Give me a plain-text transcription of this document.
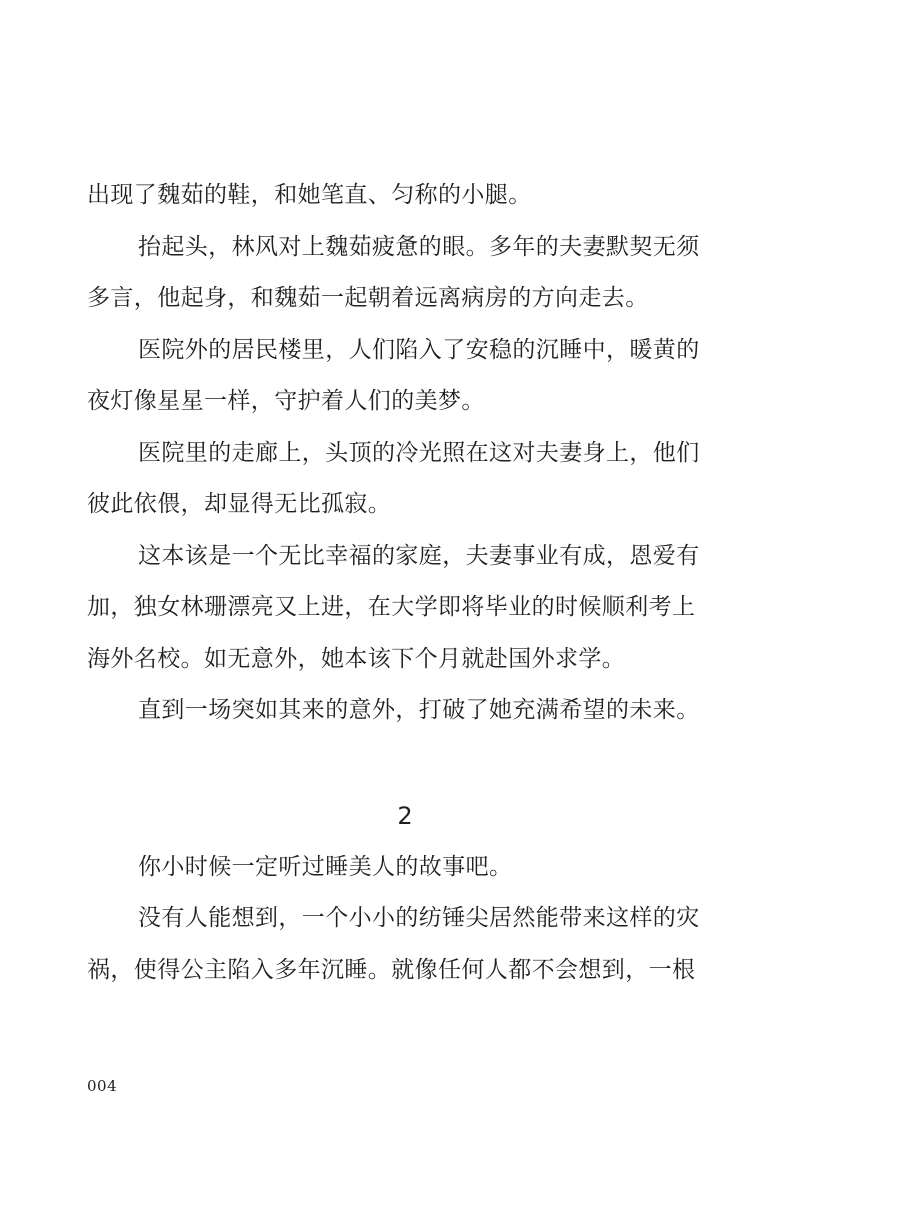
出现了魏茹的鞋，和她笔直、匀称的小腿。
抬起头，林风对上魏茹疲惫的眼。多年的夫妻默契无须
多言，他起身，和魏茹一起朝着远离病房的方向走去。
医院外的居民楼里，人们陷入了安稳的沉睡中，暖黄的
夜灯像星星一样，守护着人们的美梦。
医院里的走廊上，头顶的冷光照在这对夫妻身上，他们
彼此依偎，却显得无比孤寂。
这本该是一个无比幸福的家庭，夫妻事业有成，恩爱有
加，独女林珊漂亮又上进，在大学即将毕业的时候顺利考上
海外名校。如无意外，她本该下个月就赴国外求学。
直到一场突如其来的意外，打破了她充满希望的未来。
2
你小时候一定听过睡美人的故事吧。
没有人能想到，一个小小的纺锤尖居然能带来这样的灾
祸，使得公主陷入多年沉睡。就像任何人都不会想到，一根
004
